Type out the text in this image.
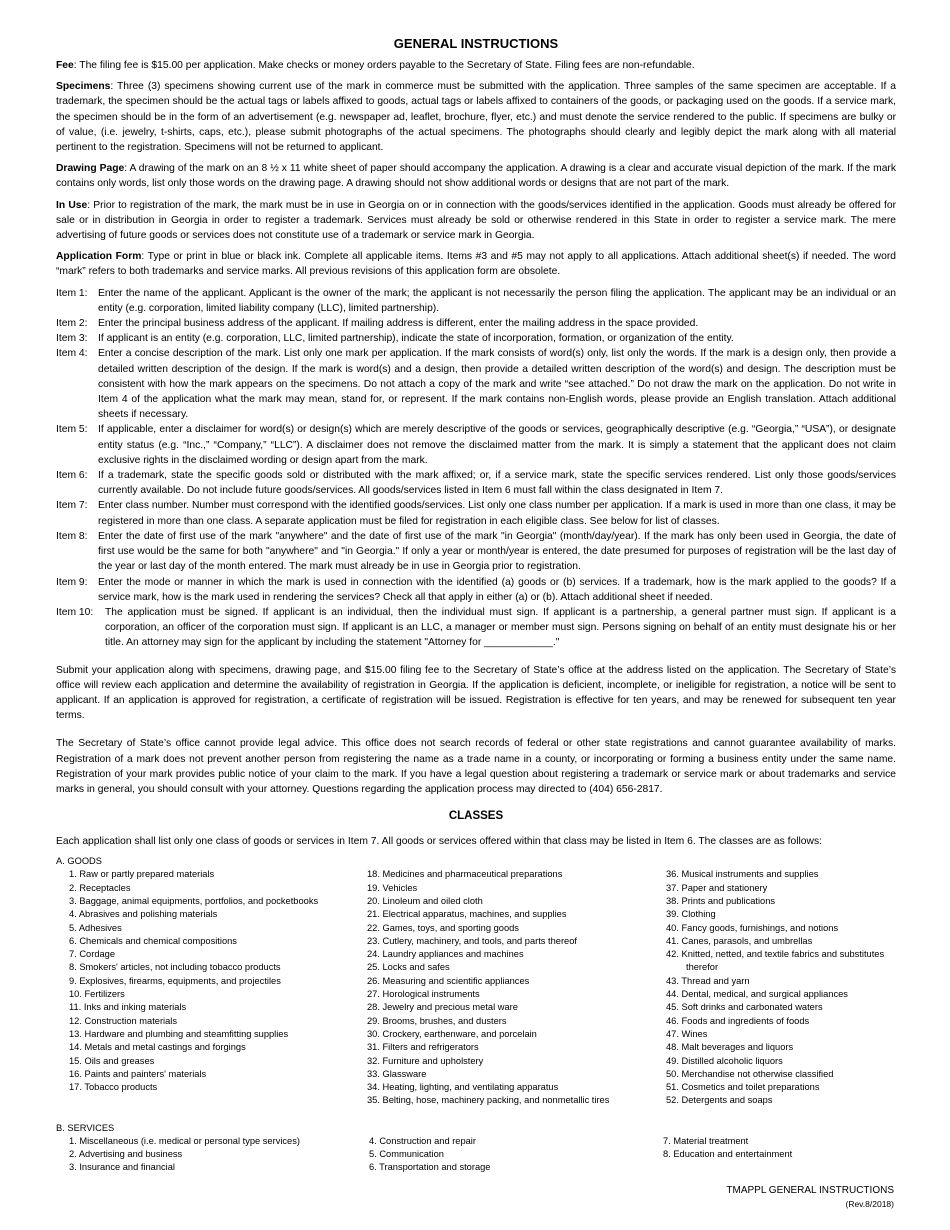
GENERAL INSTRUCTIONS

Fee: The filing fee is $15.00 per application. Make checks or money orders payable to the Secretary of State. Filing fees are non-refundable.

Specimens: Three (3) specimens showing current use of the mark in commerce must be submitted with the application. Three samples of the same specimen are acceptable. If a trademark, the specimen should be the actual tags or labels affixed to goods, actual tags or labels affixed to containers of the goods, or packaging used on the goods. If a service mark, the specimen should be in the form of an advertisement (e.g. newspaper ad, leaflet, brochure, flyer, etc.) and must denote the service rendered to the public. If specimens are bulky or of value, (i.e. jewelry, t-shirts, caps, etc.), please submit photographs of the actual specimens. The photographs should clearly and legibly depict the mark along with all material pertinent to the registration. Specimens will not be returned to applicant.

Drawing Page: A drawing of the mark on an 8 ½ x 11 white sheet of paper should accompany the application. A drawing is a clear and accurate visual depiction of the mark. If the mark contains only words, list only those words on the drawing page. A drawing should not show additional words or designs that are not part of the mark.

In Use: Prior to registration of the mark, the mark must be in use in Georgia on or in connection with the goods/services identified in the application. Goods must already be offered for sale or in distribution in Georgia in order to register a trademark. Services must already be sold or otherwise rendered in this State in order to register a service mark. The mere advertising of future goods or services does not constitute use of a trademark or service mark in Georgia.

Application Form: Type or print in blue or black ink. Complete all applicable items. Items #3 and #5 may not apply to all applications. Attach additional sheet(s) if needed. The word “mark” refers to both trademarks and service marks. All previous revisions of this application form are obsolete.

Item 1:	Enter the name of the applicant. Applicant is the owner of the mark; the applicant is not necessarily the person filing the application. The applicant may be an individual or an entity (e.g. corporation, limited liability company (LLC), limited partnership).
Item 2:	Enter the principal business address of the applicant. If mailing address is different, enter the mailing address in the space provided.
Item 3:	If applicant is an entity (e.g. corporation, LLC, limited partnership), indicate the state of incorporation, formation, or organization of the entity.
Item 4:	Enter a concise description of the mark. List only one mark per application. If the mark consists of word(s) only, list only the words. If the mark is a design only, then provide a detailed written description of the design. If the mark is word(s) and a design, then provide a detailed written description of the word(s) and design. The description must be consistent with how the mark appears on the specimens. Do not attach a copy of the mark and write “see attached.” Do not draw the mark on the application. Do not write in Item 4 of the application what the mark may mean, stand for, or represent. If the mark contains non-English words, please provide an English translation. Attach additional sheets if necessary.
Item 5:	If applicable, enter a disclaimer for word(s) or design(s) which are merely descriptive of the goods or services, geographically descriptive (e.g. “Georgia,” “USA”), or designate entity status (e.g. “Inc.,” “Company,” “LLC”). A disclaimer does not remove the disclaimed matter from the mark. It is simply a statement that the applicant does not claim exclusive rights in the disclaimed wording or design apart from the mark.
Item 6:	If a trademark, state the specific goods sold or distributed with the mark affixed; or, if a service mark, state the specific services rendered. List only those goods/services currently available. Do not include future goods/services. All goods/services listed in Item 6 must fall within the class designated in Item 7.
Item 7:	Enter class number. Number must correspond with the identified goods/services. List only one class number per application. If a mark is used in more than one class, it may be registered in more than one class. A separate application must be filed for registration in each eligible class. See below for list of classes.
Item 8:	Enter the date of first use of the mark "anywhere" and the date of first use of the mark "in Georgia" (month/day/year). If the mark has only been used in Georgia, the date of first use would be the same for both "anywhere" and "in Georgia." If only a year or month/year is entered, the date presumed for purposes of registration will be the last day of the year or last day of the month entered. The mark must already be in use in Georgia prior to registration.
Item 9:	Enter the mode or manner in which the mark is used in connection with the identified (a) goods or (b) services. If a trademark, how is the mark applied to the goods? If a service mark, how is the mark used in rendering the services? Check all that apply in either (a) or (b). Attach additional sheet if needed.
Item 10:	The application must be signed. If applicant is an individual, then the individual must sign. If applicant is a partnership, a general partner must sign. If applicant is a corporation, an officer of the corporation must sign. If applicant is an LLC, a manager or member must sign. Persons signing on behalf of an entity must designate his or her title. An attorney may sign for the applicant by including the statement "Attorney for ____________."

Submit your application along with specimens, drawing page, and $15.00 filing fee to the Secretary of State’s office at the address listed on the application. The Secretary of State’s office will review each application and determine the availability of registration in Georgia. If the application is deficient, incomplete, or ineligible for registration, a notice will be sent to applicant. If an application is approved for registration, a certificate of registration will be issued. Registration is effective for ten years, and may be renewed for subsequent ten year terms.

The Secretary of State’s office cannot provide legal advice. This office does not search records of federal or other state registrations and cannot guarantee availability of marks. Registration of a mark does not prevent another person from registering the name as a trade name in a county, or incorporating or forming a business entity under the same name. Registration of your mark provides public notice of your claim to the mark. If you have a legal question about registering a trademark or service mark or about trademarks and service marks in general, you should consult with your attorney. Questions regarding the application process may directed to (404) 656-2817.

CLASSES

Each application shall list only one class of goods or services in Item 7. All goods or services offered within that class may be listed in Item 6. The classes are as follows:

A. GOODS

1. Raw or partly prepared materials
2. Receptacles
3. Baggage, animal equipments, portfolios, and pocketbooks
4. Abrasives and polishing materials
5. Adhesives
6. Chemicals and chemical compositions
7. Cordage
8. Smokers' articles, not including tobacco products
9. Explosives, firearms, equipments, and projectiles
10. Fertilizers
11. Inks and inking materials
12. Construction materials
13. Hardware and plumbing and steamfitting supplies
14. Metals and metal castings and forgings
15. Oils and greases
16. Paints and painters' materials
17. Tobacco products
18. Medicines and pharmaceutical preparations
19. Vehicles
20. Linoleum and oiled cloth
21. Electrical apparatus, machines, and supplies
22. Games, toys, and sporting goods
23. Cutlery, machinery, and tools, and parts thereof
24. Laundry appliances and machines
25. Locks and safes
26. Measuring and scientific appliances
27. Horological instruments
28. Jewelry and precious metal ware
29. Brooms, brushes, and dusters
30. Crockery, earthenware, and porcelain
31. Filters and refrigerators
32. Furniture and upholstery
33. Glassware
34. Heating, lighting, and ventilating apparatus
35. Belting, hose, machinery packing, and nonmetallic tires
36. Musical instruments and supplies
37. Paper and stationery
38. Prints and publications
39. Clothing
40. Fancy goods, furnishings, and notions
41. Canes, parasols, and umbrellas
42. Knitted, netted, and textile fabrics and substitutes therefor
43. Thread and yarn
44. Dental, medical, and surgical appliances
45. Soft drinks and carbonated waters
46. Foods and ingredients of foods
47. Wines
48. Malt beverages and liquors
49. Distilled alcoholic liquors
50. Merchandise not otherwise classified
51. Cosmetics and toilet preparations
52. Detergents and soaps

B. SERVICES

1. Miscellaneous (i.e. medical or personal type services)
2. Advertising and business
3. Insurance and financial
4. Construction and repair
5. Communication
6. Transportation and storage
7. Material treatment
8. Education and entertainment
TMAPPL GENERAL INSTRUCTIONS
(Rev.8/2018)
